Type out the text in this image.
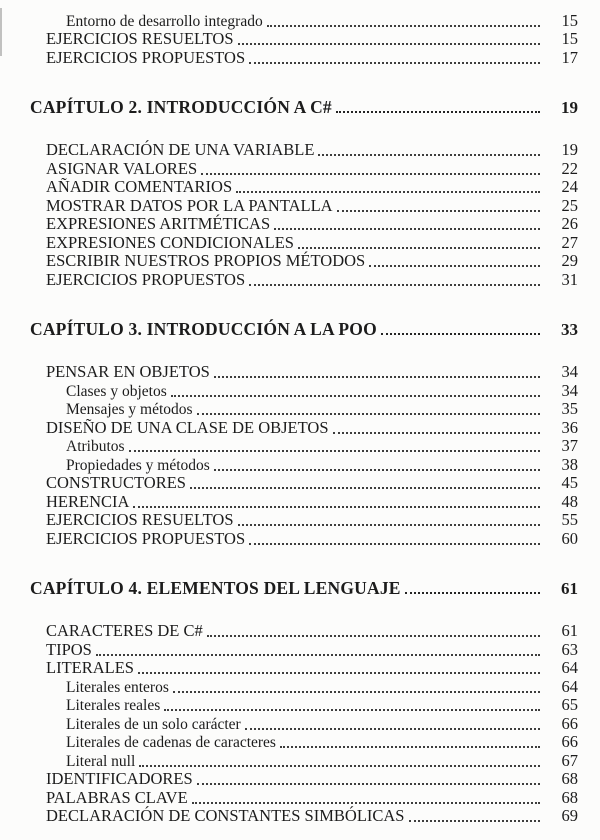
Entorno de desarrollo integrado	15
EJERCICIOS RESUELTOS	15
EJERCICIOS PROPUESTOS	17
CAPÍTULO 2. INTRODUCCIÓN A C#	19
DECLARACIÓN DE UNA VARIABLE	19
ASIGNAR VALORES	22
AÑADIR COMENTARIOS	24
MOSTRAR DATOS POR LA PANTALLA	25
EXPRESIONES ARITMÉTICAS	26
EXPRESIONES CONDICIONALES	27
ESCRIBIR NUESTROS PROPIOS MÉTODOS	29
EJERCICIOS PROPUESTOS	31
CAPÍTULO 3. INTRODUCCIÓN A LA POO	33
PENSAR EN OBJETOS	34
Clases y objetos	34
Mensajes y métodos	35
DISEÑO DE UNA CLASE DE OBJETOS	36
Atributos	37
Propiedades y métodos	38
CONSTRUCTORES	45
HERENCIA	48
EJERCICIOS RESUELTOS	55
EJERCICIOS PROPUESTOS	60
CAPÍTULO 4. ELEMENTOS DEL LENGUAJE	61
CARACTERES DE C#	61
TIPOS	63
LITERALES	64
Literales enteros	64
Literales reales	65
Literales de un solo carácter	66
Literales de cadenas de caracteres	66
Literal null	67
IDENTIFICADORES	68
PALABRAS CLAVE	68
DECLARACIÓN DE CONSTANTES SIMBÓLICAS	69
